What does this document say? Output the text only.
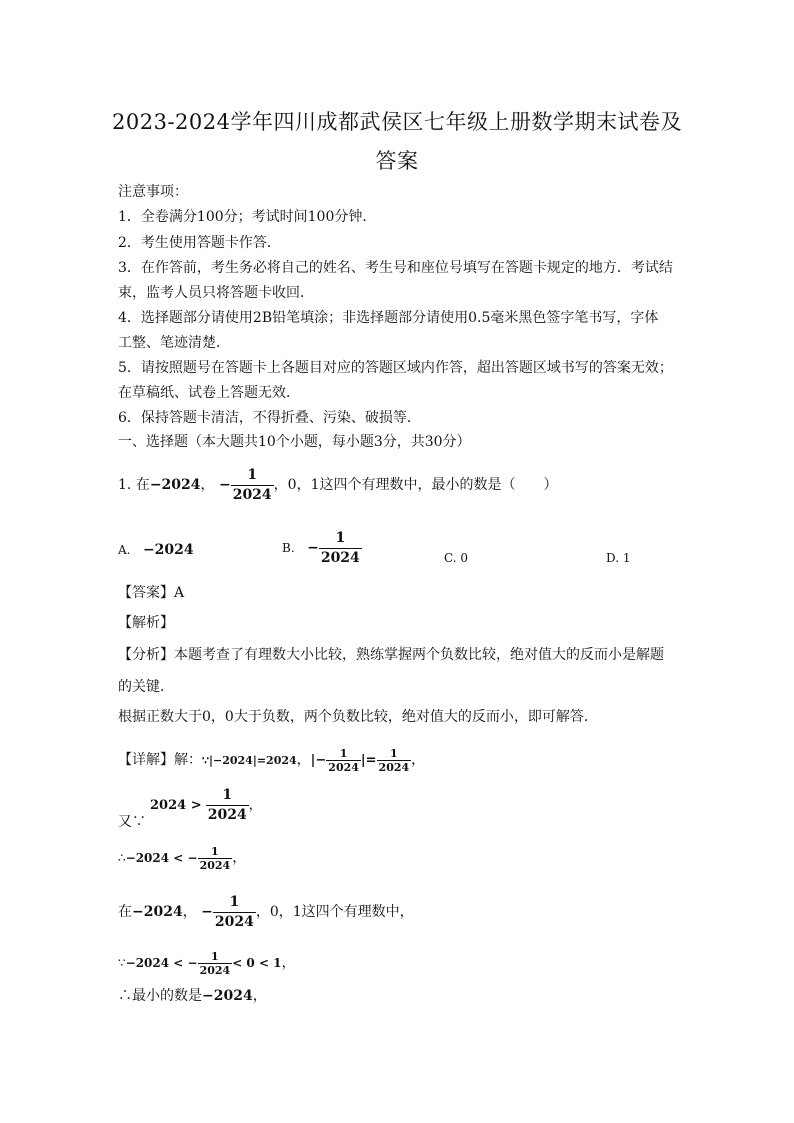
2023-2024学年四川成都武侯区七年级上册数学期末试卷及
答案
注意事项：
1．全卷满分100分；考试时间100分钟．
2．考生使用答题卡作答．
3．在作答前，考生务必将自己的姓名、考生号和座位号填写在答题卡规定的地方．考试结
束，监考人员只将答题卡收回．
4．选择题部分请使用2B铅笔填涂；非选择题部分请使用0.5毫米黑色签字笔书写，字体
工整、笔迹清楚．
5．请按照题号在答题卡上各题目对应的答题区域内作答，超出答题区域书写的答案无效；
在草稿纸、试卷上答题无效．
6．保持答题卡清洁，不得折叠、污染、破损等．
一、选择题（本大题共10个小题，每小题3分，共30分）
1. 在−2024， − $\frac{1}{2024}$ ，0，1这四个有理数中，最小的数是（　　）
A. −2024	B. − $\frac{1}{2024}$	C. 0	D. 1
【答案】A
【解析】
【分析】本题考查了有理数大小比较，熟练掌握两个负数比较，绝对值大的反而小是解题
的关键．
根据正数大于0，0大于负数，两个负数比较，绝对值大的反而小，即可解答．
【详解】解：∵|−2024|=2024，|− $\frac{1}{2024}$ |= $\frac{1}{2024}$ ，
又∵
$2024 > \frac{1}{2024}$ ，
∴−2024 < − $\frac{1}{2024}$ ，
在−2024， − $\frac{1}{2024}$ ，0，1这四个有理数中，
∵−2024 < − $\frac{1}{2024} < 0 < 1$，
∴最小的数是−2024，
